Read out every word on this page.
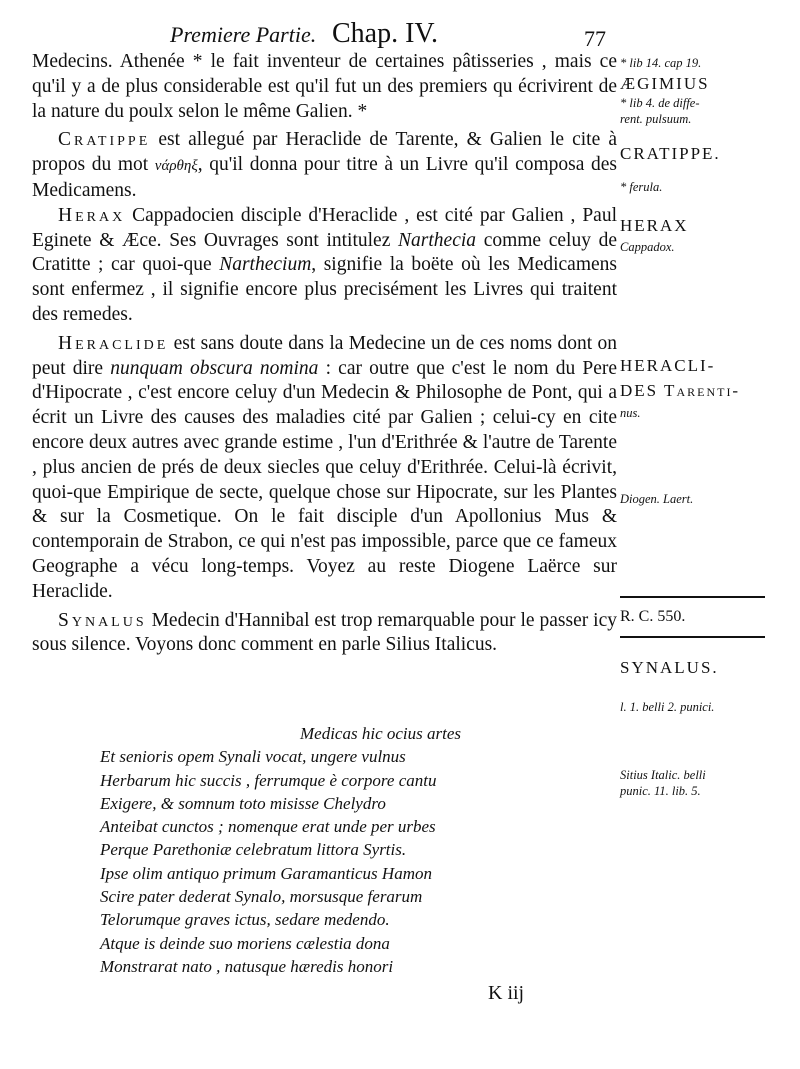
Premiere Partie. Chap. IV.	77

Medecins. Athenée * le fait inventeur de certaines pâtisseries , mais ce qu'il y a de plus considerable est qu'il fut un des premiers qu écrivirent de la nature du poulx selon le même Galien. *

Cratippe est allegué par Heraclide de Tarente, & Galien le cite à propos du mot νάρθηξ, qu'il donna pour titre à un Livre qu'il composa des Medicamens.

Herax Cappadocien disciple d'Heraclide , est cité par Galien , Paul Eginete & Æce. Ses Ouvrages sont intitulez Narthecia comme celuy de Cratitte ; car quoi-que Narthecium, signifie la boëte où les Medicamens sont enfermez , il signifie encore plus precisément les Livres qui traitent des remedes.

Heraclide est sans doute dans la Medecine un de ces noms dont on peut dire nunquam obscura nomina : car outre que c'est le nom du Pere d'Hipocrate , c'est encore celuy d'un Medecin & Philosophe de Pont, qui a écrit un Livre des causes des maladies cité par Galien ; celui-cy en cite encore deux autres avec grande estime , l'un d'Erithrée & l'autre de Tarente , plus ancien de prés de deux siecles que celuy d'Erithrée. Celui-là écrivit, quoi-que Empirique de secte, quelque chose sur Hipocrate, sur les Plantes & sur la Cosmetique. On le fait disciple d'un Apollonius Mus & contemporain de Strabon, ce qui n'est pas impossible, parce que ce fameux Geographe a vécu long-temps. Voyez au reste Diogene Laërce sur Heraclide.

Synalus Medecin d'Hannibal est trop remarquable pour le passer icy sous silence. Voyons donc comment en parle Silius Italicus.

Medicas hic ocius artes
Et senioris opem Synali vocat, ungere vulnus
Herbarum hic succis , ferrumque è corpore cantu
Exigere, & somnum toto misisse Chelydro
Anteibat cunctos ; nomenque erat unde per urbes
Perque Parethoniæ celebratum littora Syrtis.
Ipse olim antiquo primum Garamanticus Hamon
Scire pater dederat Synalo, morsusque ferarum
Telorumque graves ictus, sedare medendo.
Atque is deinde suo moriens cælestia dona
Monstrarat nato , natusque hæredis honori
K iij
* lib 14. cap 19.
ÆGIMIUS
* lib 4. de diffe-
rent. pulsuum.
CRATIPPE.
* ferula.
HERAX
Cappadox.
HERACLI-
DES Tarenti-
nus.
Diogen. Laert.
R. C. 550.
SYNALUS.
l. 1. belli 2. punici.
Sitius Italic. belli
punic. 11. lib. 5.
